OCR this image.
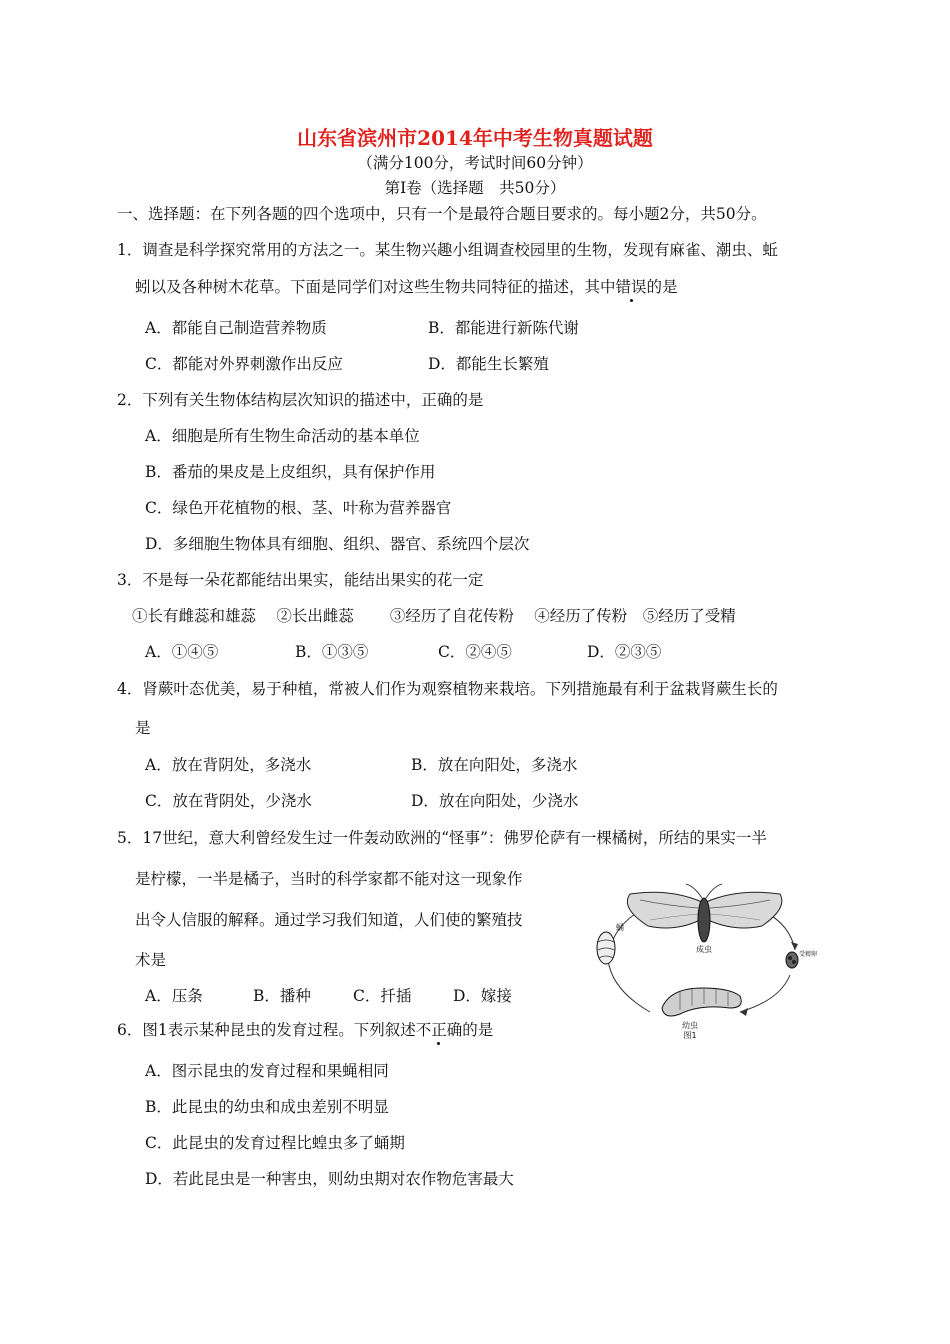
山东省滨州市2014年中考生物真题试题
（满分100分，考试时间60分钟）
第Ⅰ卷（选择题　共50分）
一、选择题：在下列各题的四个选项中，只有一个是最符合题目要求的。每小题2分，共50分。
1．调查是科学探究常用的方法之一。某生物兴趣小组调查校园里的生物，发现有麻雀、潮虫、蚯
蚓以及各种树木花草。下面是同学们对这些生物共同特征的描述，其中错误的是
A．都能自己制造营养物质	B．都能进行新陈代谢
C．都能对外界刺激作出反应	D．都能生长繁殖
2．下列有关生物体结构层次知识的描述中，正确的是
A．细胞是所有生物生命活动的基本单位
B．番茄的果皮是上皮组织，具有保护作用
C．绿色开花植物的根、茎、叶称为营养器官
D．多细胞生物体具有细胞、组织、器官、系统四个层次
3．不是每一朵花都能结出果实，能结出果实的花一定
①长有雌蕊和雄蕊　 ②长出雌蕊　　 ③经历了自花传粉　 ④经历了传粉　⑤经历了受精
A．①④⑤	B．①③⑤	C．②④⑤	D．②③⑤
4．肾蕨叶态优美，易于种植，常被人们作为观察植物来栽培。下列措施最有利于盆栽肾蕨生长的
是
A．放在背阴处，多浇水	B．放在向阳处，多浇水
C．放在背阴处，少浇水	D．放在向阳处，少浇水
5．17世纪，意大利曾经发生过一件轰动欧洲的“怪事”：佛罗伦萨有一棵橘树，所结的果实一半
是柠檬，一半是橘子，当时的科学家都不能对这一现象作
出令人信服的解释。通过学习我们知道，人们使的繁殖技
术是
A．压条	B．播种	C．扦插	D．嫁接
成虫
蛹
受精卵
幼虫
图1
6．图1表示某种昆虫的发育过程。下列叙述不正确的是
A．图示昆虫的发育过程和果蝇相同
B．此昆虫的幼虫和成虫差别不明显
C．此昆虫的发育过程比蝗虫多了蛹期
D．若此昆虫是一种害虫，则幼虫期对农作物危害最大
